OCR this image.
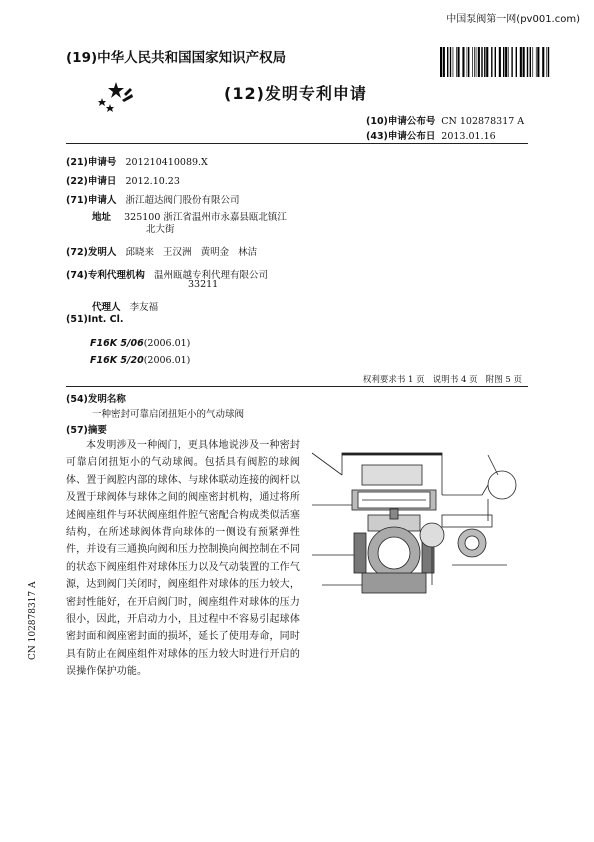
中国泵阀第一网(pv001.com)
(19)中华人民共和国国家知识产权局
(12)发明专利申请
(10)申请公布号 CN 102878317 A
(43)申请公布日 2013.01.16
(21)申请号 201210410089.X
(22)申请日 2012.10.23
(71)申请人 浙江超达阀门股份有限公司
地址 325100 浙江省温州市永嘉县瓯北镇江
北大街
(72)发明人 邱晓来   王汉洲   黄明金   林洁
(74)专利代理机构 温州瓯越专利代理有限公司
33211
代理人 李友福
(51)Int. Cl.
F16K 5/06(2006.01)
F16K 5/20(2006.01)
权利要求书 1 页   说明书 4 页   附图 5 页
(54)发明名称
一种密封可靠启闭扭矩小的气动球阀
(57)摘要
本发明涉及一种阀门，更具体地说涉及一种密封可靠启闭扭矩小的气动球阀。包括具有阀腔的球阀体、置于阀腔内部的球体、与球体联动连接的阀杆以及置于球阀体与球体之间的阀座密封机构，通过将所述阀座组件与环状阀座组件腔气密配合构成类似活塞结构，在所述球阀体背向球体的一侧设有预紧弹性件，并设有三通换向阀和压力控制换向阀控制在不同的状态下阀座组件对球体压力以及气动装置的工作气源，达到阀门关闭时，阀座组件对球体的压力较大，密封性能好，在开启阀门时，阀座组件对球体的压力很小，因此，开启动力小，且过程中不容易引起球体密封面和阀座密封面的损坏，延长了使用寿命，同时具有防止在阀座组件对球体的压力较大时进行开启的误操作保护功能。
CN 102878317 A
